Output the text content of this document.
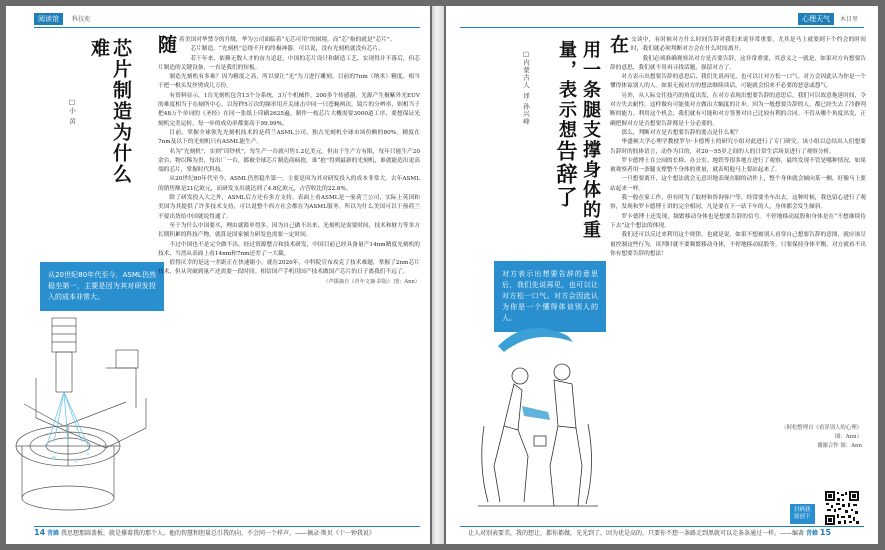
阅读馆	科技苑
芯片制造为什么难
□小 黄
从20世纪80年代至今，ASML仍然稳坐第一，主要是因为其对研发投入的成本非常大。

随着美国对华禁令的升级，华为公司面临着“无芯可用”的困境。而“芯”指的就是“芯片”。

芯片制造，“光刻机”总绕不开的终极神器。可以说，没有光刻机就没有芯片。

若干年来，依赖无数人才的奋力追赶，中国的芯片设计和制造工艺，实现得并不落后，但芯片制造的关键设备，一直是我们的短板。

制造光刻机有多难？因为精度之高，所以要让“光”为刀进行雕刻，目前的7nm（纳米）精度，相当于把一根头发丝劈成几万份。

有资料显示，1台光刻机包含13个分系统，3万个机械件，200多个传感器。光源产生极紫外光EUV的难度相当于在厕所中心，以每秒5万次的频率用开关球击中同一只苍蝇两次。镜片的分辨率，则相当于把48万个单词的《圣经》在同一张纸上印刷2625遍。制作一枚芯片大概需要3000道工序，要想保证光刻机完美运转，每一步的成功率都要高于99.99%。

目前，掌握全球领先光刻机技术的是荷兰ASML公司，独占光刻机全球市场份额的80%。精度在7nm及以下的光刻机只有ASML能生产。

名为“光刻机”，实则“印钞机”，每生产一台就可售1.2亿美元。但由于生产方有限，每年只能生产20余台，物以稀为贵，每出厂一台，都被全球芯片制造商疯抢。谁“抢”得到最新的光刻机，谁就能造出更高端的芯片，掌握时代科技。

从20世纪80年代至今，ASML仍然稳坐第一，主要是因为其对研发投入的成本非常大。去年ASML的销售额是21亿欧元，而研发支出就达到了4.8亿欧元，占营收比的22.8%。

除了研发投入大之外，ASML后方还有多方支持。表面上看ASML是一家荷兰公司，实际上英国和美国为其提供了许多技术支持，可以说整个西方社会都在为ASML服务。所以为什么美国可以干预荷兰不要出货给中国就说得通了。

至于为什么中国要买，理由就简单得多，因为自己做不出来，光刻机是需要时间，技术和财力等多方长期积累的科技产物，就算是国家倾力研发也需要一定时间。

不过中国也不是完全做不出，经过资源整合和技术研发，中国目前已经具备量产14nm精度光刻机的技术，当然从表面上看14nm和7nm还差了一大截。

值得庆幸的是这一差距正在快速缩小。就在2020年，中科院宣布攻克了技术难题，掌握了2nm芯片技术，但从突破到量产还需要一段时间。相信国产手机用国产技术做国产芯片的日子离我们不远了。

（声援摘自《青年文摘·彩版》 图：Ann）

14 青蜂 我思想那圆盖板，就是撑着我的那个人。他的智慧和胆量总引我的向，不会同一个样声。——摘录·斯贝《十一钟我说》
心理天气	木目里
用一条腿支撑身体的重量，表示想告辞了
□内蒙古人 译·孙兴峰
对方表示出想要告辞的意思后，我们先说再见，也可以让对方松一口气。对方会因此认为你是一个懂得体谅别人的人。

在交谈中，有时候对方什么时间告辞对我们来说非常重要。尤其是马上就要到下个约会的时间时，我们就必须判断对方会在什么时间离开。

我们必须准确观察出对方是否要告辞，这非常重要，其意义之一就是，如果对方有想要告辞的意思，我们就不用再寻找话题，强留对方了。

对方表示出想要告辞的意思后，我们先说再见，也可以让对方松一口气。对方会因此认为你是一个懂得体谅别人的人。如果无视对方的想法继续谈话，可能就会招来不必要的恶意或怨气。

另外，从人际交往技巧的角度出发，在对方表现出想要告辞的意思后，我们可以故意拖延时间，令对方失去耐性。这样做有可能使对方做出大幅度的让步。因为一般想要告辞的人，都已经失去了冷静判断的能力。利用这个机会，我们就有可能和对方签署对自己比较有利的合同。不管从哪个角度出发，正确把握对方是否想要告辞都是十分必要的。

那么，判断对方是否想要告辞的要点是什么呢？

华盛顿大学心理学教授罗尔·卡德博士的研究小组对此进行了专门研究。该小组以总结出人们想要告辞时的肢体语言，动作为目的，对20～55岁之间的人的日常生活场景进行了观察分析。

罗卡德博士在公园的长椅、办公室、地铁等很多地方进行了观察，最终发现不管是哪种情况，如果被观察者用一条腿支撑整个身体的重量，就表明他马上要站起来了。

一旦想要离开，这个想法就会无意识地表现在脚的动作上，整个身体就会倾向某一侧，好像马上要站起来一样。

我一般在家工作，但有时为了取材和咨询客户等，经常要坐车出去。这种时候，我也留心进行了观察，发现和罗卡德博士讲的完全相同。凡是要在下一站下车的人，身体都会发生倾斜。

罗卡德博士还发现，频繁移动身体也是想要告辞的信号。不停地移动屁股和身体是在“不想继续待下去”这个想法的体现。

我们还可以反过来利用这个规律。也就是说，如果不想被别人看穿自己想要告辞的意图，就应该尽量控制这些行为，谈判时就不要频繁移动身体，不停地移动屁股等。只要保持身体平衡，对方就看不出你有想要告辞的想法！

（阿松整理自《看穿别人的心理》
图：Ann）
谢谢合作 图：Ann
扫码获
原创下
让人对别表要美，我的想让，都你都做，光光到了，因为优是高的，只要你不想一条路走到黑就可以走条条通过一样。——编著 青蜂 15
